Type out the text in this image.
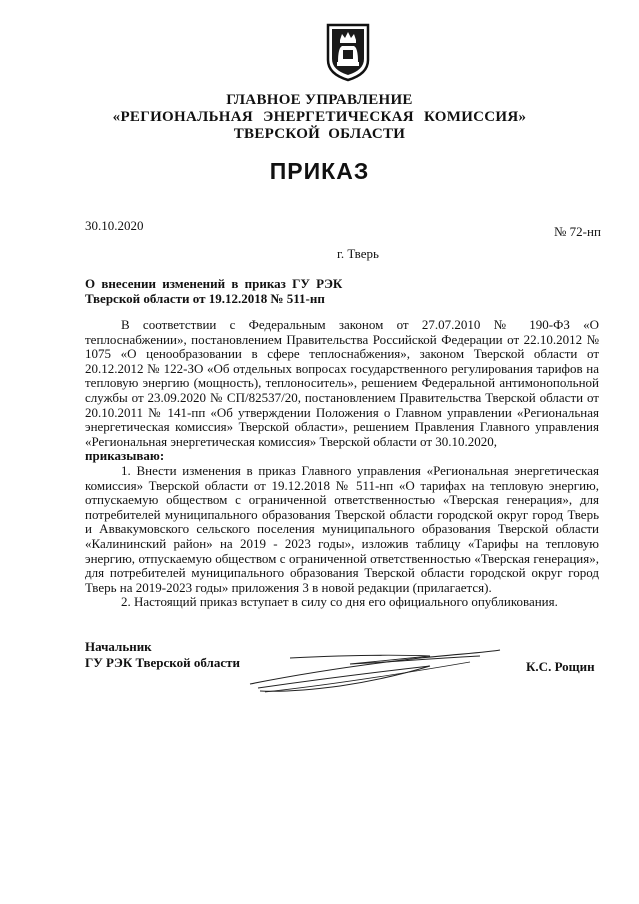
ГЛАВНОЕ УПРАВЛЕНИЕ
«РЕГИОНАЛЬНАЯ ЭНЕРГЕТИЧЕСКАЯ КОМИССИЯ»
ТВЕРСКОЙ ОБЛАСТИ
ПРИКАЗ
30.10.2020	№ 72-нп
г. Тверь
О внесении изменений в приказ ГУ РЭК
Тверской области от 19.12.2018 № 511-нп

В соответствии с Федеральным законом от 27.07.2010 № 190-ФЗ «О теплоснабжении», постановлением Правительства Российской Федерации от 22.10.2012 № 1075 «О ценообразовании в сфере теплоснабжения», законом Тверской области от 20.12.2012 № 122-ЗО «Об отдельных вопросах государственного регулирования тарифов на тепловую энергию (мощность), теплоноситель», решением Федеральной антимонопольной службы от 23.09.2020 № СП/82537/20, постановлением Правительства Тверской области от 20.10.2011 № 141-пп «Об утверждении Положения о Главном управлении «Региональная энергетическая комиссия» Тверской области», решением Правления Главного управления «Региональная энергетическая комиссия» Тверской области от 30.10.2020,

приказываю:

1. Внести изменения в приказ Главного управления «Региональная энергетическая комиссия» Тверской области от 19.12.2018 № 511-нп «О тарифах на тепловую энергию, отпускаемую обществом с ограниченной ответственностью «Тверская генерация», для потребителей муниципального образования Тверской области городской округ город Тверь и Аввакумовского сельского поселения муниципального образования Тверской области «Калининский район» на 2019 - 2023 годы», изложив таблицу «Тарифы на тепловую энергию, отпускаемую обществом с ограниченной ответственностью «Тверская генерация», для потребителей муниципального образования Тверской области городской округ город Тверь на 2019-2023 годы» приложения 3 в новой редакции (прилагается).

2. Настоящий приказ вступает в силу со дня его официального опубликования.

Начальник
ГУ РЭК Тверской области	К.С. Рощин
